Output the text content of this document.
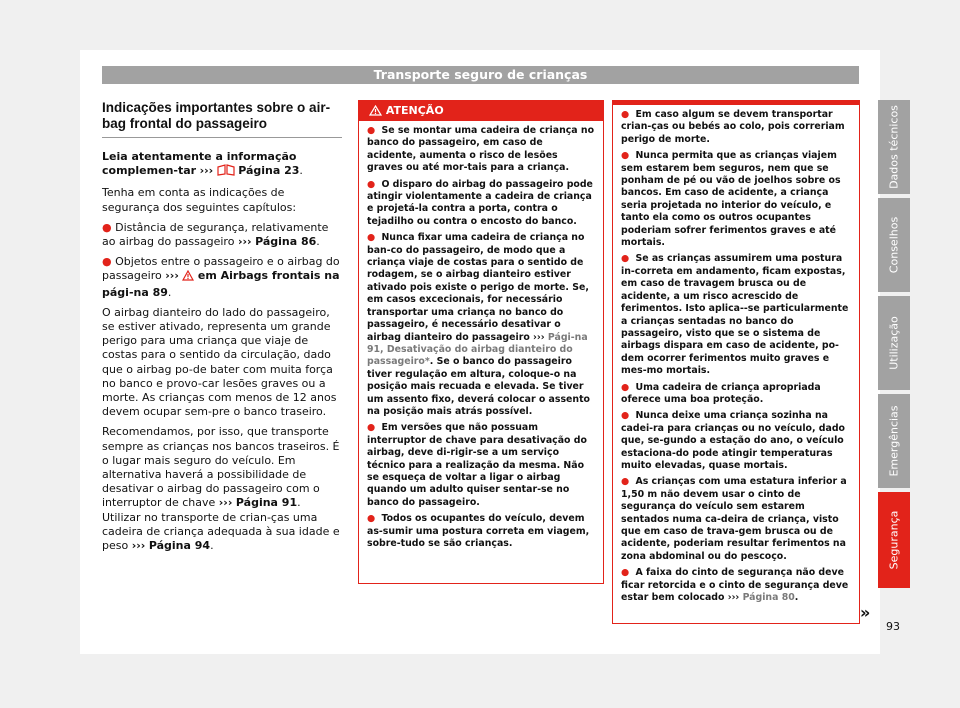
Transporte seguro de crianças
Indicações importantes sobre o air-bag frontal do passageiro

Leia atentamente a informação complemen-tar ››› Página 23.

Tenha em conta as indicações de segurança dos seguintes capítulos:

● Distância de segurança, relativamente ao airbag do passageiro ››› Página 86.

● Objetos entre o passageiro e o airbag do passageiro ››› em Airbags frontais na pági-na 89.

O airbag dianteiro do lado do passageiro, se estiver ativado, representa um grande perigo para uma criança que viaje de costas para o sentido da circulação, dado que o airbag po-de bater com muita força no banco e provo-car lesões graves ou a morte. As crianças com menos de 12 anos devem ocupar sem-pre o banco traseiro.

Recomendamos, por isso, que transporte sempre as crianças nos bancos traseiros. É o lugar mais seguro do veículo. Em alternativa haverá a possibilidade de desativar o airbag do passageiro com o interruptor de chave ››› Página 91. Utilizar no transporte de crian-ças uma cadeira de criança adequada à sua idade e peso ››› Página 94.

ATENÇÃO

● Se se montar uma cadeira de criança no banco do passageiro, em caso de acidente, aumenta o risco de lesões graves ou até mor-tais para a criança.

● O disparo do airbag do passageiro pode atingir violentamente a cadeira de criança e projetá-la contra a porta, contra o tejadilho ou contra o encosto do banco.

● Nunca fixar uma cadeira de criança no ban-co do passageiro, de modo que a criança viaje de costas para o sentido de rodagem, se o airbag dianteiro estiver ativado pois existe o perigo de morte. Se, em casos excecionais, for necessário transportar uma criança no banco do passageiro, é necessário desativar o airbag dianteiro do passageiro ››› Pági-na 91, Desativação do airbag dianteiro do passageiro*. Se o banco do passageiro tiver regulação em altura, coloque-o na posição mais recuada e elevada. Se tiver um assento fixo, deverá colocar o assento na posição mais atrás possível.

● Em versões que não possuam interruptor de chave para desativação do airbag, deve di-rigir-se a um serviço técnico para a realização da mesma. Não se esqueça de voltar a ligar o airbag quando um adulto quiser sentar-se no banco do passageiro.

● Todos os ocupantes do veículo, devem as-sumir uma postura correta em viagem, sobre-tudo se são crianças.

● Em caso algum se devem transportar crian-ças ou bebés ao colo, pois correriam perigo de morte.

● Nunca permita que as crianças viajem sem estarem bem seguros, nem que se ponham de pé ou vão de joelhos sobre os bancos. Em caso de acidente, a criança seria projetada no interior do veículo, e tanto ela como os outros ocupantes poderiam sofrer ferimentos graves e até mortais.

● Se as crianças assumirem uma postura in-correta em andamento, ficam expostas, em caso de travagem brusca ou de acidente, a um risco acrescido de ferimentos. Isto aplica--se particularmente a crianças sentadas no banco do passageiro, visto que se o sistema de airbags dispara em caso de acidente, po-dem ocorrer ferimentos muito graves e mes-mo mortais.

● Uma cadeira de criança apropriada oferece uma boa proteção.

● Nunca deixe uma criança sozinha na cadei-ra para crianças ou no veículo, dado que, se-gundo a estação do ano, o veículo estaciona-do pode atingir temperaturas muito elevadas, quase mortais.

● As crianças com uma estatura inferior a 1,50 m não devem usar o cinto de segurança do veículo sem estarem sentados numa ca-deira de criança, visto que em caso de trava-gem brusca ou de acidente, poderiam resultar ferimentos na zona abdominal ou do pescoço.

● A faixa do cinto de segurança não deve ficar retorcida e o cinto de segurança deve estar bem colocado ››› Página 80.

»
Dados técnicos
Conselhos
Utilização
Emergências
Segurança
93
